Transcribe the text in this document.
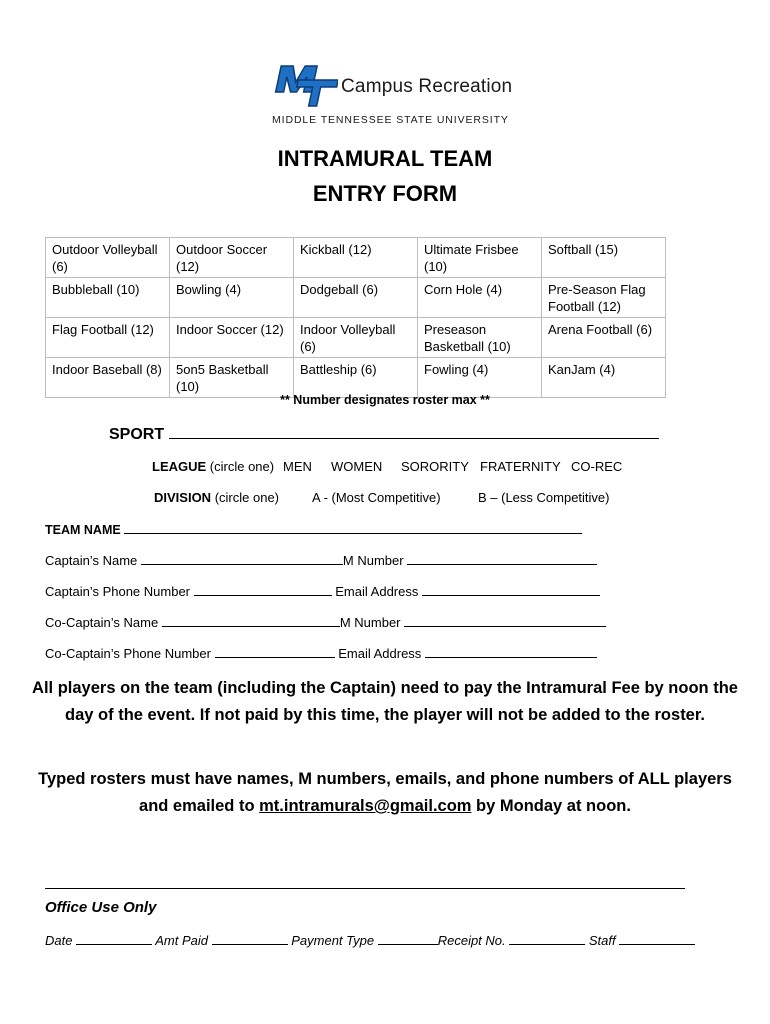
Campus Recreation
MIDDLE TENNESSEE STATE UNIVERSITY
INTRAMURAL TEAM
ENTRY FORM
Outdoor Volleyball (6)	Outdoor Soccer (12)	Kickball (12)	Ultimate Frisbee (10)	Softball (15)
Bubbleball (10)	Bowling (4)	Dodgeball (6)	Corn Hole (4)	Pre-Season Flag Football (12)
Flag Football (12)	Indoor Soccer (12)	Indoor Volleyball (6)	Preseason Basketball (10)	Arena Football (6)
Indoor Baseball (8)	5on5 Basketball (10)	Battleship (6)	Fowling (4)	KanJam (4)
** Number designates roster max **
SPORT
LEAGUE (circle one) MEN WOMEN SORORITY FRATERNITY CO-REC
DIVISION (circle one)	A - (Most Competitive)	B – (Less Competitive)
TEAM NAME
Captain’s Name	M Number
Captain’s Phone Number	Email Address
Co-Captain’s Name	M Number
Co-Captain’s Phone Number	Email Address
All players on the team (including the Captain) need to pay the Intramural Fee by noon the day of the event. If not paid by this time, the player will not be added to the roster.
Typed rosters must have names, M numbers, emails, and phone numbers of ALL players and emailed to mt.intramurals@gmail.com by Monday at noon.
Office Use Only
Date	Amt Paid	Payment Type	Receipt No.	Staff
